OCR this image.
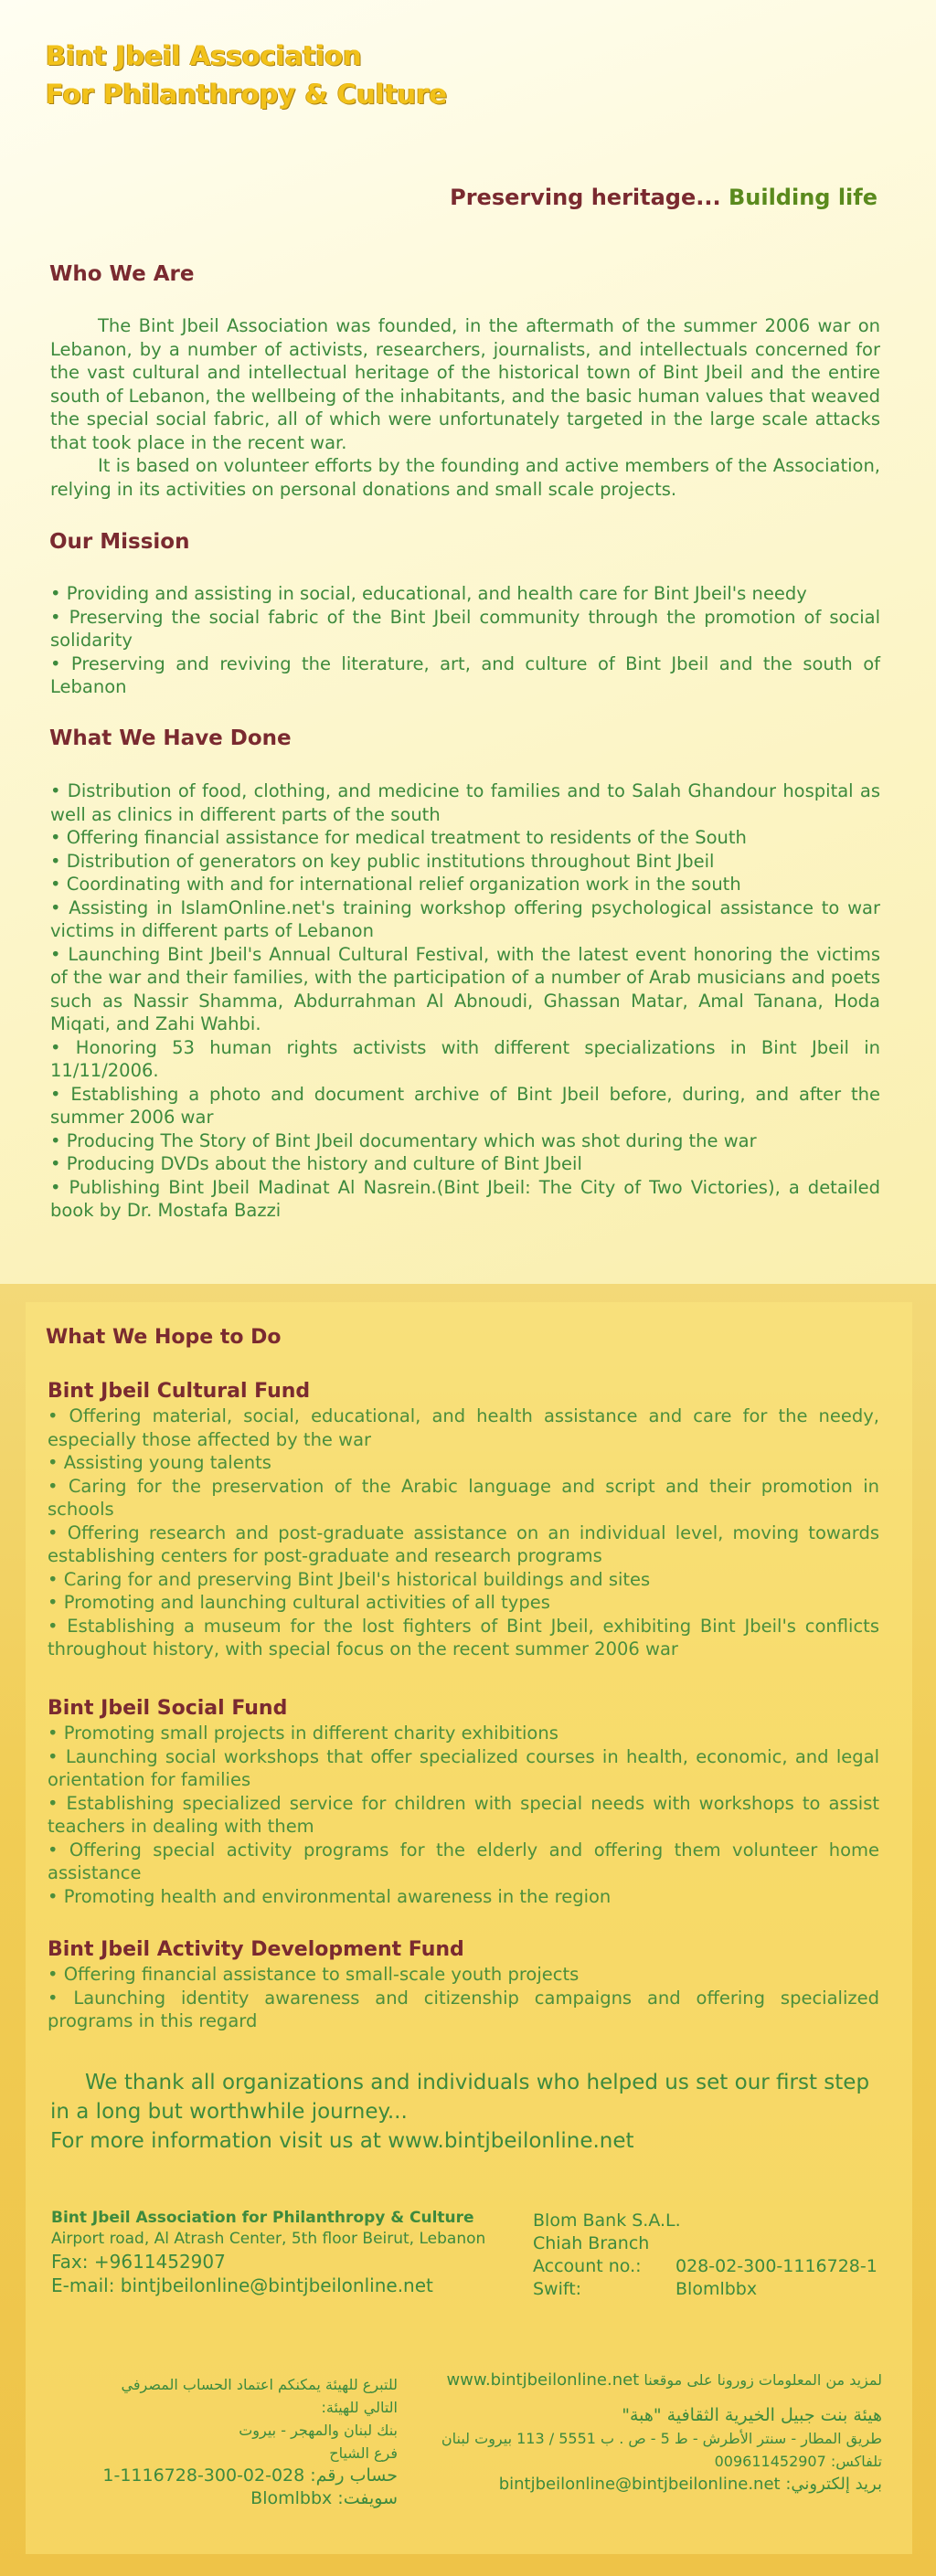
Bint Jbeil Association
For Philanthropy & Culture

Preserving heritage... Building life

Who We Are

The Bint Jbeil Association was founded, in the aftermath of the summer 2006 war on Lebanon, by a number of activists, researchers, journalists, and intellectuals concerned for the vast cultural and intellectual heritage of the historical town of Bint Jbeil and the entire south of Lebanon, the wellbeing of the inhabitants, and the basic human values that weaved the special social fabric, all of which were unfortunately targeted in the large scale attacks that took place in the recent war.

It is based on volunteer efforts by the founding and active members of the Association, relying in its activities on personal donations and small scale projects.

Our Mission
• Providing and assisting in social, educational, and health care for Bint Jbeil's needy
• Preserving the social fabric of the Bint Jbeil community through the promotion of social solidarity
• Preserving and reviving the literature, art, and culture of Bint Jbeil and the south of Lebanon
What We Have Done
• Distribution of food, clothing, and medicine to families and to Salah Ghandour hospital as well as clinics in different parts of the south
• Offering financial assistance for medical treatment to residents of the South
• Distribution of generators on key public institutions throughout Bint Jbeil
• Coordinating with and for international relief organization work in the south
• Assisting in IslamOnline.net's training workshop offering psychological assistance to war victims in different parts of Lebanon
• Launching Bint Jbeil's Annual Cultural Festival, with the latest event honoring the victims of the war and their families, with the participation of a number of Arab musicians and poets such as Nassir Shamma, Abdurrahman Al Abnoudi, Ghassan Matar, Amal Tanana, Hoda Miqati, and Zahi Wahbi.
• Honoring 53 human rights activists with different specializations in Bint Jbeil in 11/11/2006.
• Establishing a photo and document archive of Bint Jbeil before, during, and after the summer 2006 war
• Producing The Story of Bint Jbeil documentary which was shot during the war
• Producing DVDs about the history and culture of Bint Jbeil
• Publishing Bint Jbeil Madinat Al Nasrein.(Bint Jbeil: The City of Two Victories), a detailed book by Dr. Mostafa Bazzi
What We Hope to Do
Bint Jbeil Cultural Fund
• Offering material, social, educational, and health assistance and care for the needy, especially those affected by the war
• Assisting young talents
• Caring for the preservation of the Arabic language and script and their promotion in schools
• Offering research and post-graduate assistance on an individual level, moving towards establishing centers for post-graduate and research programs
• Caring for and preserving Bint Jbeil's historical buildings and sites
• Promoting and launching cultural activities of all types
• Establishing a museum for the lost fighters of Bint Jbeil, exhibiting Bint Jbeil's conflicts throughout history, with special focus on the recent summer 2006 war
Bint Jbeil Social Fund
• Promoting small projects in different charity exhibitions
• Launching social workshops that offer specialized courses in health, economic, and legal orientation for families
• Establishing specialized service for children with special needs with workshops to assist teachers in dealing with them
• Offering special activity programs for the elderly and offering them volunteer home assistance
• Promoting health and environmental awareness in the region
Bint Jbeil Activity Development Fund
• Offering financial assistance to small-scale youth projects
• Launching identity awareness and citizenship campaigns and offering specialized programs in this regard

We thank all organizations and individuals who helped us set our first step in a long but worthwhile journey...
For more information visit us at www.bintjbeilonline.net

Bint Jbeil Association for Philanthropy & Culture
Airport road, Al Atrash Center, 5th floor Beirut, Lebanon
Fax: +9611452907
E-mail: bintjbeilonline@bintjbeilonline.net
Blom Bank S.A.L.
Chiah Branch
Account no.:	028-02-300-1116728-1
Swift:	Blomlbbx
للتبرع للهيئة يمكنكم اعتماد الحساب المصرفي
التالي للهيئة:
بنك لبنان والمهجر - بيروت
فرع الشياح
حساب رقم: 028-02-300-1116728-1
سويفت: Blomlbbx
لمزيد من المعلومات زورونا على موقعنا www.bintjbeilonline.net
هيئة بنت جبيل الخيرية الثقافية "هبة"
طريق المطار - سنتر الأطرش - ط 5 - ص . ب 5551 / 113 بيروت لبنان
تلفاكس: 009611452907
بريد إلكتروني: bintjbeilonline@bintjbeilonline.net
